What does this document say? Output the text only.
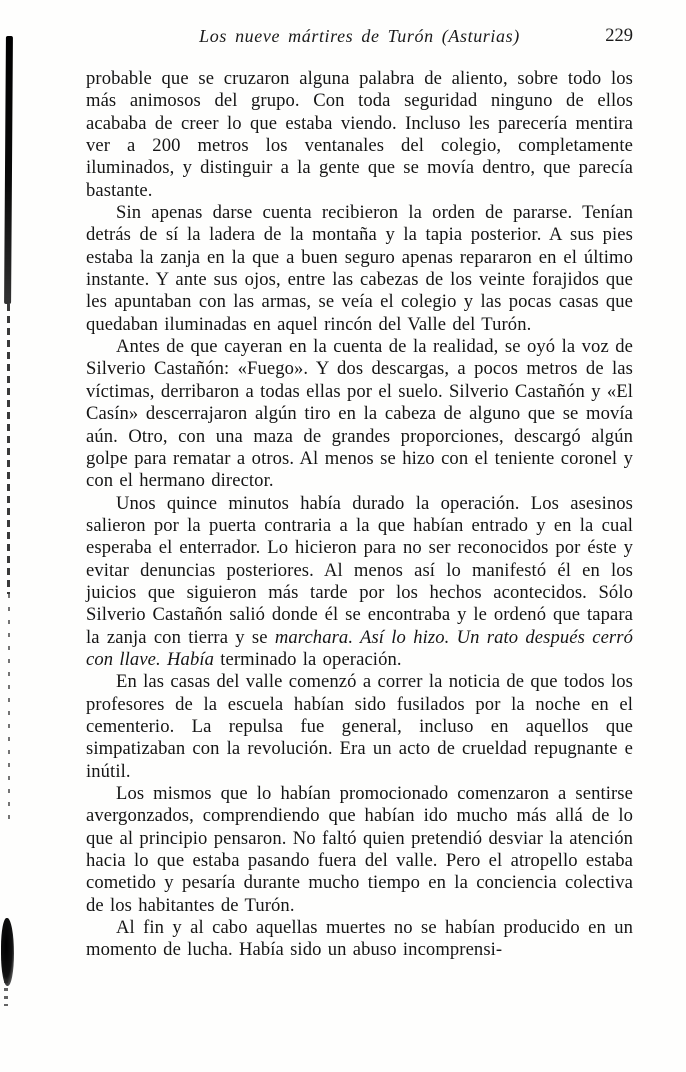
Los nueve mártires de Turón (Asturias)	229

probable que se cruzaron alguna palabra de aliento, sobre todo los más animosos del grupo. Con toda seguridad ninguno de ellos acababa de creer lo que estaba viendo. Incluso les parecería mentira ver a 200 metros los ventanales del colegio, completamente iluminados, y distinguir a la gente que se movía dentro, que parecía bastante.

Sin apenas darse cuenta recibieron la orden de pararse. Tenían detrás de sí la ladera de la montaña y la tapia posterior. A sus pies estaba la zanja en la que a buen seguro apenas repararon en el último instante. Y ante sus ojos, entre las cabezas de los veinte forajidos que les apuntaban con las armas, se veía el colegio y las pocas casas que quedaban iluminadas en aquel rincón del Valle del Turón.

Antes de que cayeran en la cuenta de la realidad, se oyó la voz de Silverio Castañón: «Fuego». Y dos descargas, a pocos metros de las víctimas, derribaron a todas ellas por el suelo. Silverio Castañón y «El Casín» descerrajaron algún tiro en la cabeza de alguno que se movía aún. Otro, con una maza de grandes proporciones, descargó algún golpe para rematar a otros. Al menos se hizo con el teniente coronel y con el hermano director.

Unos quince minutos había durado la operación. Los asesinos salieron por la puerta contraria a la que habían entrado y en la cual esperaba el enterrador. Lo hicieron para no ser reconocidos por éste y evitar denuncias posteriores. Al menos así lo manifestó él en los juicios que siguieron más tarde por los hechos acontecidos. Sólo Silverio Castañón salió donde él se encontraba y le ordenó que tapara la zanja con tierra y se marchara. Así lo hizo. Un rato después cerró con llave. Había terminado la operación.

En las casas del valle comenzó a correr la noticia de que todos los profesores de la escuela habían sido fusilados por la noche en el cementerio. La repulsa fue general, incluso en aquellos que simpatizaban con la revolución. Era un acto de crueldad repugnante e inútil.

Los mismos que lo habían promocionado comenzaron a sentirse avergonzados, comprendiendo que habían ido mucho más allá de lo que al principio pensaron. No faltó quien pretendió desviar la atención hacia lo que estaba pasando fuera del valle. Pero el atropello estaba cometido y pesaría durante mucho tiempo en la conciencia colectiva de los habitantes de Turón.

Al fin y al cabo aquellas muertes no se habían producido en un momento de lucha. Había sido un abuso incomprensi-
